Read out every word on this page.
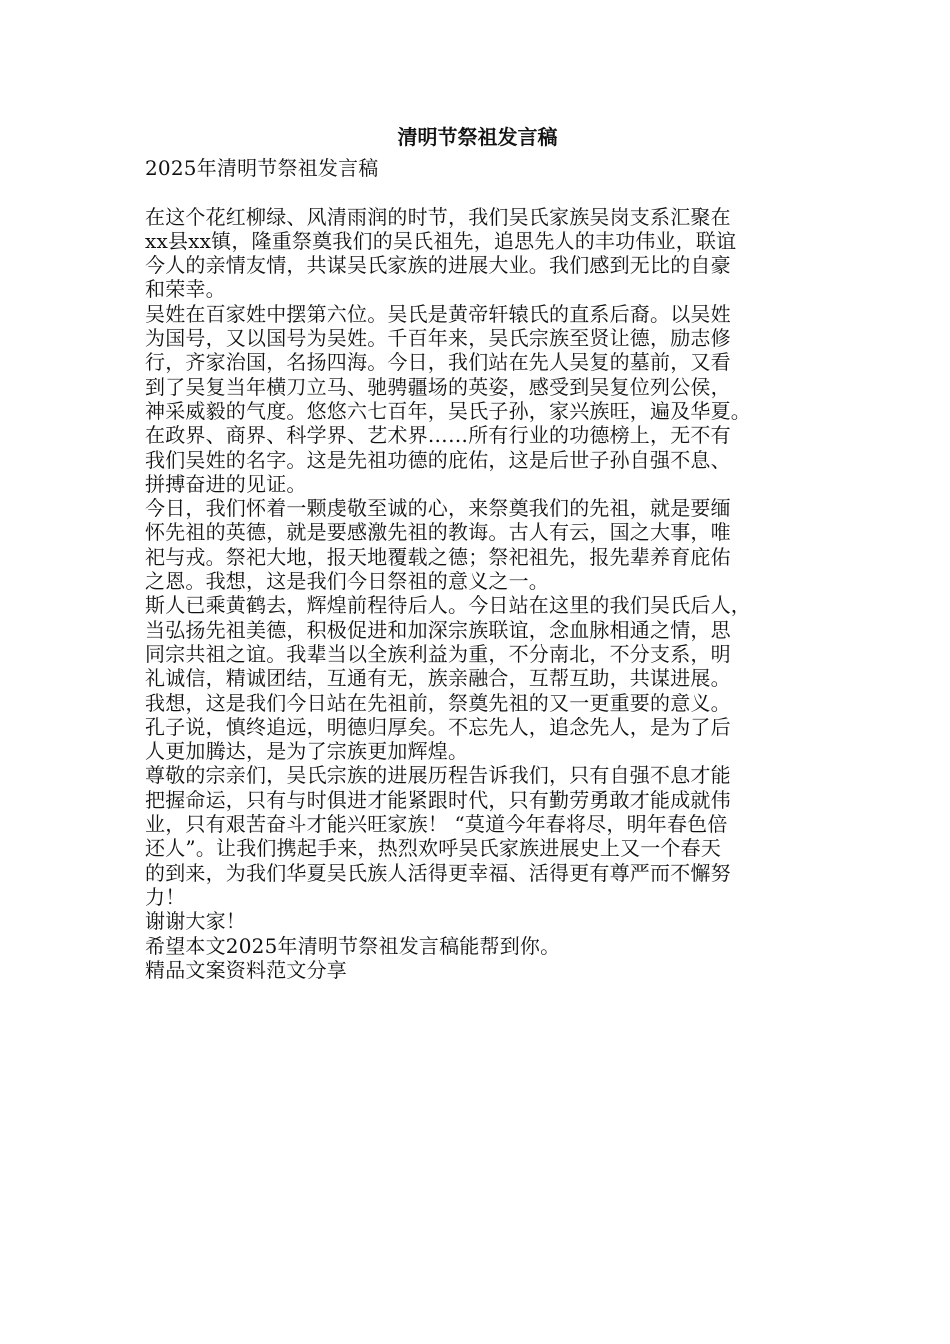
清明节祭祖发言稿

2025年清明节祭祖发言稿

在这个花红柳绿、风清雨润的时节，我们吴氏家族吴岗支系汇聚在

xx县xx镇，隆重祭奠我们的吴氏祖先，追思先人的丰功伟业，联谊

今人的亲情友情，共谋吴氏家族的进展大业。我们感到无比的自豪

和荣幸。

吴姓在百家姓中摆第六位。吴氏是黄帝轩辕氏的直系后裔。以吴姓

为国号，又以国号为吴姓。千百年来，吴氏宗族至贤让德，励志修

行，齐家治国，名扬四海。今日，我们站在先人吴复的墓前，又看

到了吴复当年横刀立马、驰骋疆场的英姿，感受到吴复位列公侯，

神采威毅的气度。悠悠六七百年，吴氏子孙，家兴族旺，遍及华夏。

在政界、商界、科学界、艺术界……所有行业的功德榜上，无不有

我们吴姓的名字。这是先祖功德的庇佑，这是后世子孙自强不息、

拼搏奋进的见证。

今日，我们怀着一颗虔敬至诚的心，来祭奠我们的先祖，就是要缅

怀先祖的英德，就是要感激先祖的教诲。古人有云，国之大事，唯

祀与戎。祭祀大地，报天地覆载之德；祭祀祖先，报先辈养育庇佑

之恩。我想，这是我们今日祭祖的意义之一。

斯人已乘黄鹤去，辉煌前程待后人。今日站在这里的我们吴氏后人，

当弘扬先祖美德，积极促进和加深宗族联谊，念血脉相通之情，思

同宗共祖之谊。我辈当以全族利益为重，不分南北，不分支系，明

礼诚信，精诚团结，互通有无，族亲融合，互帮互助，共谋进展。

我想，这是我们今日站在先祖前，祭奠先祖的又一更重要的意义。

孔子说，慎终追远，明德归厚矣。不忘先人，追念先人，是为了后

人更加腾达，是为了宗族更加辉煌。

尊敬的宗亲们，吴氏宗族的进展历程告诉我们，只有自强不息才能

把握命运，只有与时俱进才能紧跟时代，只有勤劳勇敢才能成就伟

业，只有艰苦奋斗才能兴旺家族！ “莫道今年春将尽，明年春色倍

还人”。让我们携起手来，热烈欢呼吴氏家族进展史上又一个春天

的到来，为我们华夏吴氏族人活得更幸福、活得更有尊严而不懈努

力！

谢谢大家！

希望本文2025年清明节祭祖发言稿能帮到你。

精品文案资料范文分享
